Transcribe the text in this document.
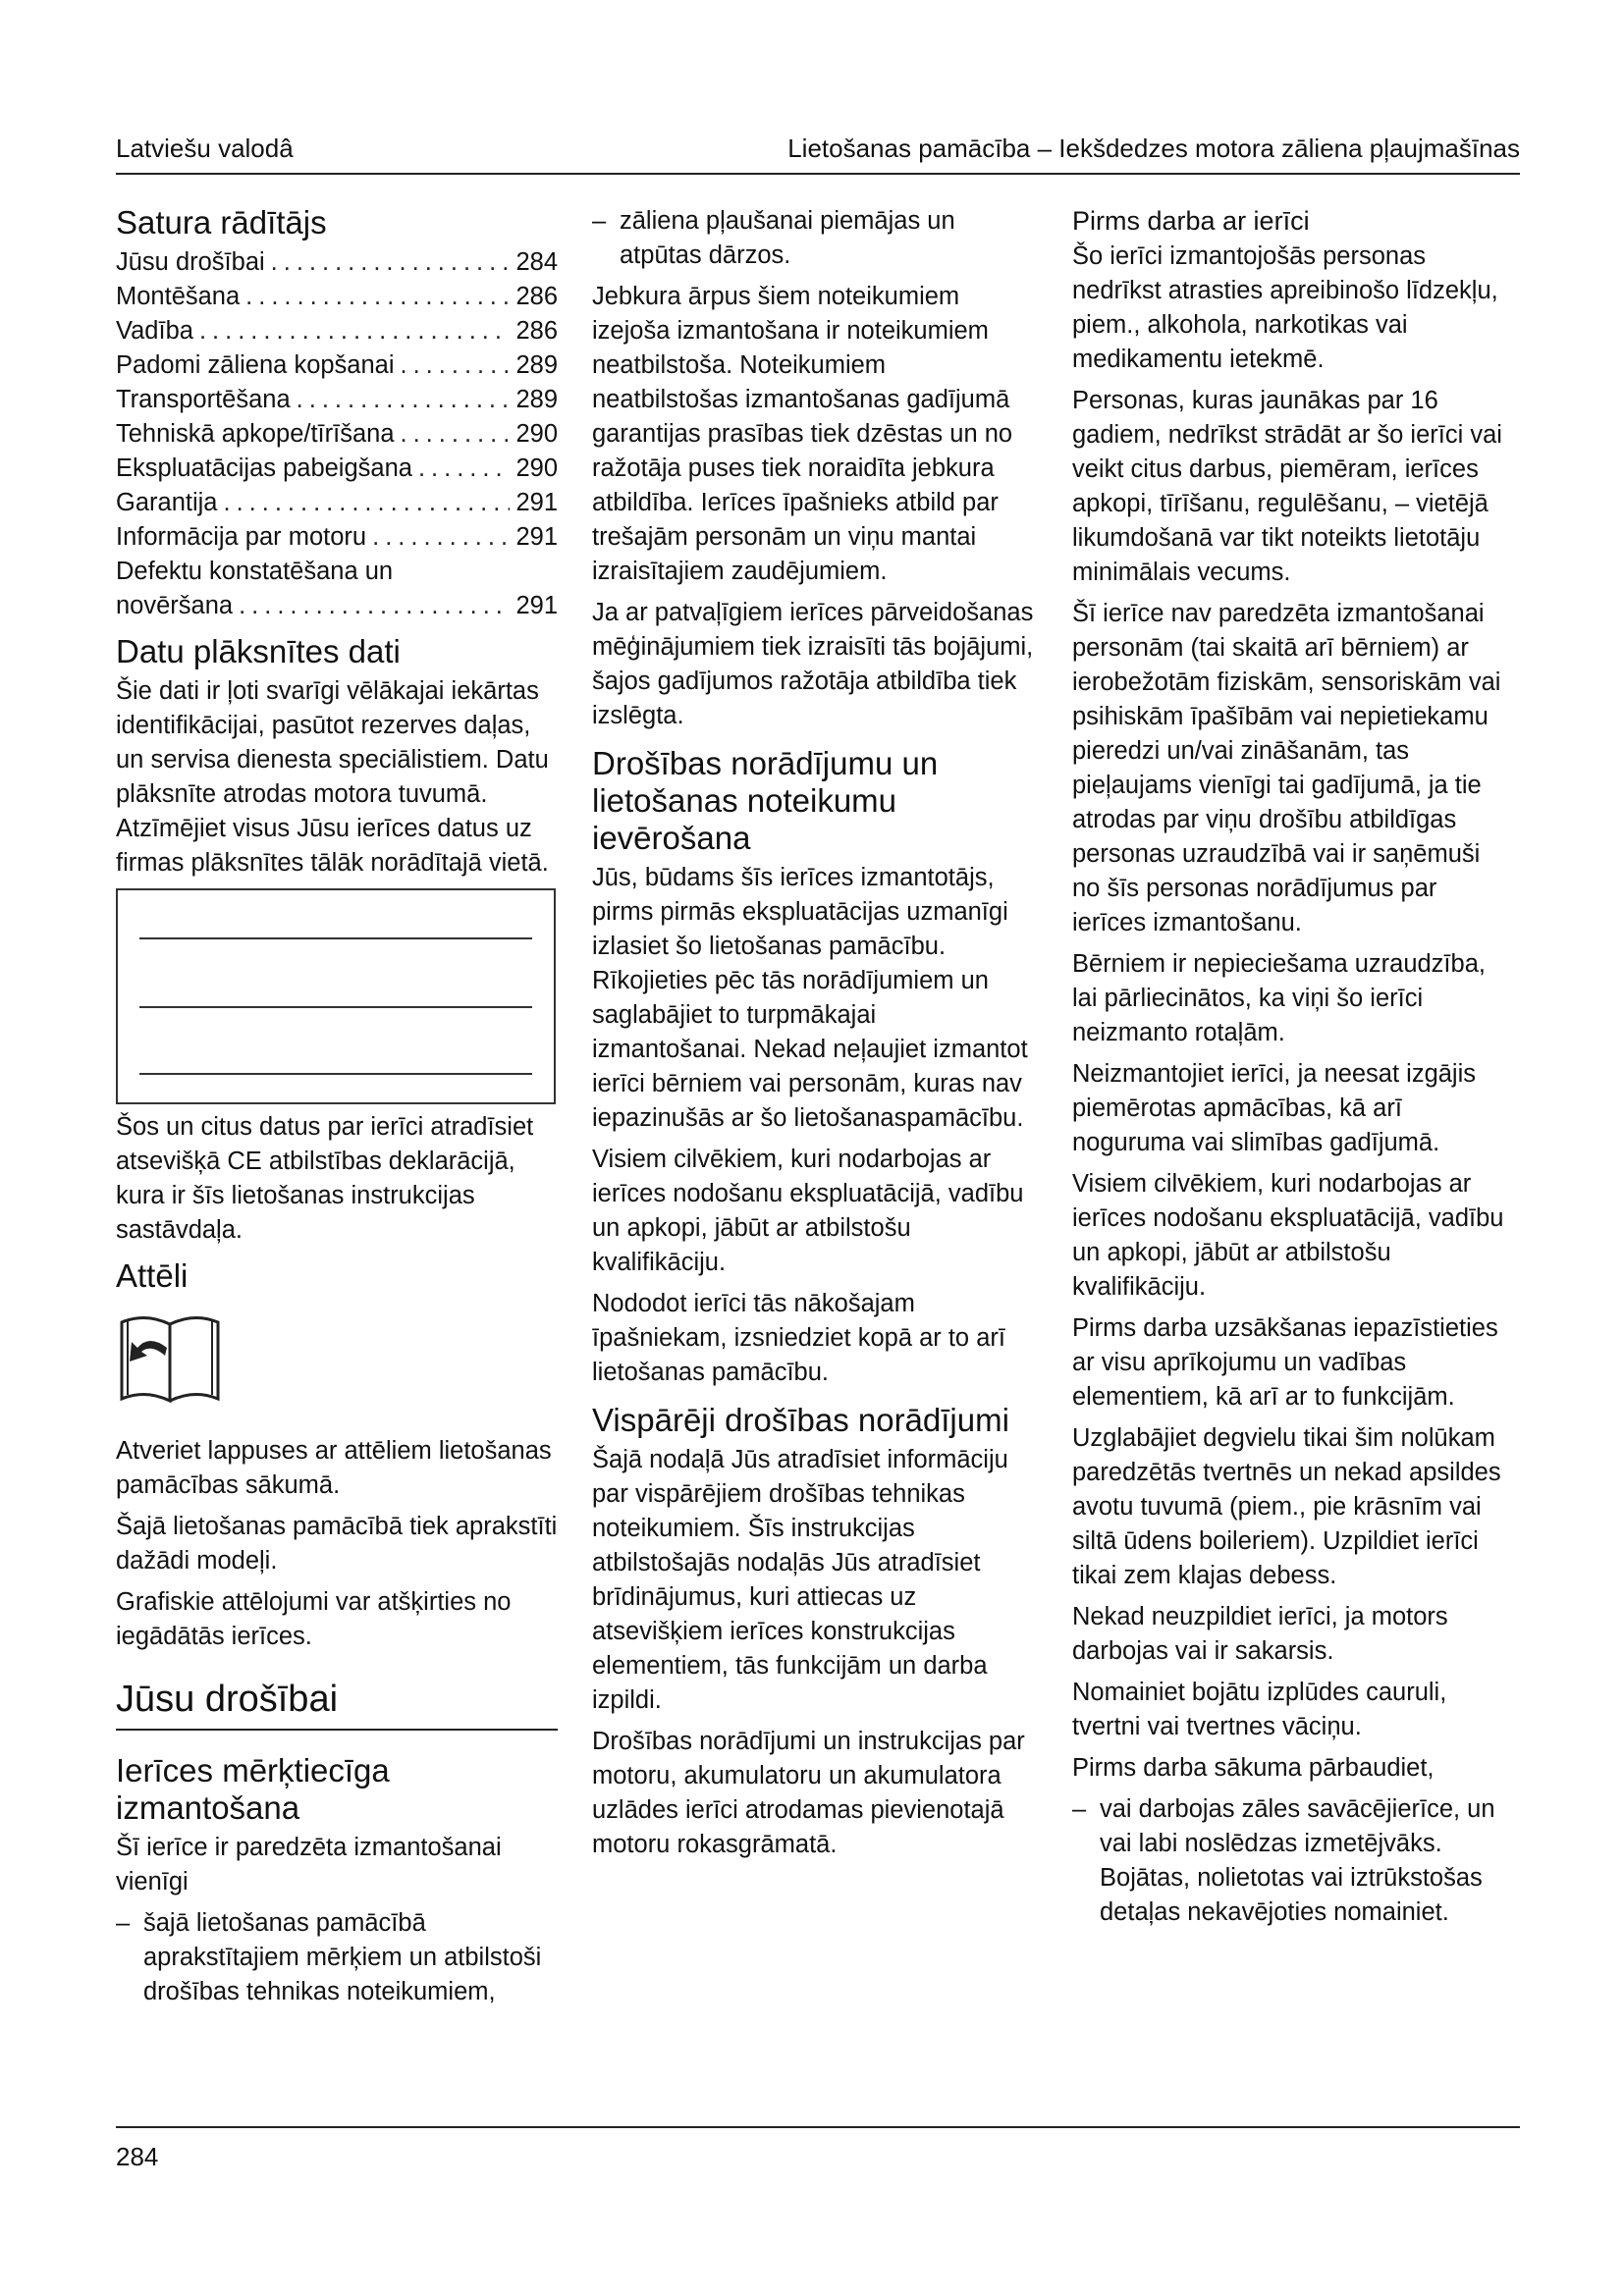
Latviešu valodâ	Lietošanas pamācība – Iekšdedzes motora zāliena pļaujmašīnas
Satura rādītājs
Jūsu drošībai .....	284
Montēšana .....	286
Vadība .....	286
Padomi zāliena kopšanai .....	289
Transportēšana .....	289
Tehniskā apkope/tīrīšana .....	290
Ekspluatācijas pabeigšana .....	290
Garantija .....	291
Informācija par motoru .....	291
Defektu konstatēšana un
novēršana .....	291
Datu plāksnītes dati

Šie dati ir ļoti svarīgi vēlākajai iekārtas identifikācijai, pasūtot rezerves daļas, un servisa dienesta speciālistiem. Datu plāksnīte atrodas motora tuvumā. Atzīmējiet visus Jūsu ierīces datus uz firmas plāksnītes tālāk norādītajā vietā.

Šos un citus datus par ierīci atradīsiet atsevišķā CE atbilstības deklarācijā, kura ir šīs lietošanas instrukcijas sastāvdaļa.

Attēli

Atveriet lappuses ar attēliem lietošanas pamācības sākumā.

Šajā lietošanas pamācībā tiek aprakstīti dažādi modeļi.

Grafiskie attēlojumi var atšķirties no iegādātās ierīces.

Jūsu drošībai
Ierīces mērķtiecīga izmantošana

Šī ierīce ir paredzēta izmantošanai vienīgi

– šajā lietošanas pamācībā aprakstītajiem mērķiem un atbilstoši drošības tehnikas noteikumiem,
– zāliena pļaušanai piemājas un atpūtas dārzos.

Jebkura ārpus šiem noteikumiem izejoša izmantošana ir noteikumiem neatbilstoša. Noteikumiem neatbilstošas izmantošanas gadījumā garantijas prasības tiek dzēstas un no ražotāja puses tiek noraidīta jebkura atbildība. Ierīces īpašnieks atbild par trešajām personām un viņu mantai izraisītajiem zaudējumiem.

Ja ar patvaļīgiem ierīces pārveidošanas mēģinājumiem tiek izraisīti tās bojājumi, šajos gadījumos ražotāja atbildība tiek izslēgta.

Drošības norādījumu un lietošanas noteikumu ievērošana

Jūs, būdams šīs ierīces izmantotājs, pirms pirmās ekspluatācijas uzmanīgi izlasiet šo lietošanas pamācību. Rīkojieties pēc tās norādījumiem un saglabājiet to turpmākajai izmantošanai. Nekad neļaujiet izmantot ierīci bērniem vai personām, kuras nav iepazinušās ar šo lietošanaspamācību.

Visiem cilvēkiem, kuri nodarbojas ar ierīces nodošanu ekspluatācijā, vadību un apkopi, jābūt ar atbilstošu kvalifikāciju.

Nododot ierīci tās nākošajam īpašniekam, izsniedziet kopā ar to arī lietošanas pamācību.

Vispārēji drošības norādījumi

Šajā nodaļā Jūs atradīsiet informāciju par vispārējiem drošības tehnikas noteikumiem. Šīs instrukcijas atbilstošajās nodaļās Jūs atradīsiet brīdinājumus, kuri attiecas uz atsevišķiem ierīces konstrukcijas elementiem, tās funkcijām un darba izpildi.

Drošības norādījumi un instrukcijas par motoru, akumulatoru un akumulatora uzlādes ierīci atrodamas pievienotajā motoru rokasgrāmatā.

Pirms darba ar ierīci

Šo ierīci izmantojošās personas nedrīkst atrasties apreibinošo līdzekļu, piem., alkohola, narkotikas vai medikamentu ietekmē.

Personas, kuras jaunākas par 16 gadiem, nedrīkst strādāt ar šo ierīci vai veikt citus darbus, piemēram, ierīces apkopi, tīrīšanu, regulēšanu, – vietējā likumdošanā var tikt noteikts lietotāju minimālais vecums.

Šī ierīce nav paredzēta izmantošanai personām (tai skaitā arī bērniem) ar ierobežotām fiziskām, sensoriskām vai psihiskām īpašībām vai nepietiekamu pieredzi un/vai zināšanām, tas pieļaujams vienīgi tai gadījumā, ja tie atrodas par viņu drošību atbildīgas personas uzraudzībā vai ir saņēmuši no šīs personas norādījumus par ierīces izmantošanu.

Bērniem ir nepieciešama uzraudzība, lai pārliecinātos, ka viņi šo ierīci neizmanto rotaļām.

Neizmantojiet ierīci, ja neesat izgājis piemērotas apmācības, kā arī noguruma vai slimības gadījumā.

Visiem cilvēkiem, kuri nodarbojas ar ierīces nodošanu ekspluatācijā, vadību un apkopi, jābūt ar atbilstošu kvalifikāciju.

Pirms darba uzsākšanas iepazīstieties ar visu aprīkojumu un vadības elementiem, kā arī ar to funkcijām.

Uzglabājiet degvielu tikai šim nolūkam paredzētās tvertnēs un nekad apsildes avotu tuvumā (piem., pie krāsnīm vai siltā ūdens boileriem). Uzpildiet ierīci tikai zem klajas debess.

Nekad neuzpildiet ierīci, ja motors darbojas vai ir sakarsis.

Nomainiet bojātu izplūdes cauruli, tvertni vai tvertnes vāciņu.

Pirms darba sākuma pārbaudiet,

– vai darbojas zāles savācējierīce, un vai labi noslēdzas izmetējvāks. Bojātas, nolietotas vai iztrūkstošas detaļas nekavējoties nomainiet.
284
